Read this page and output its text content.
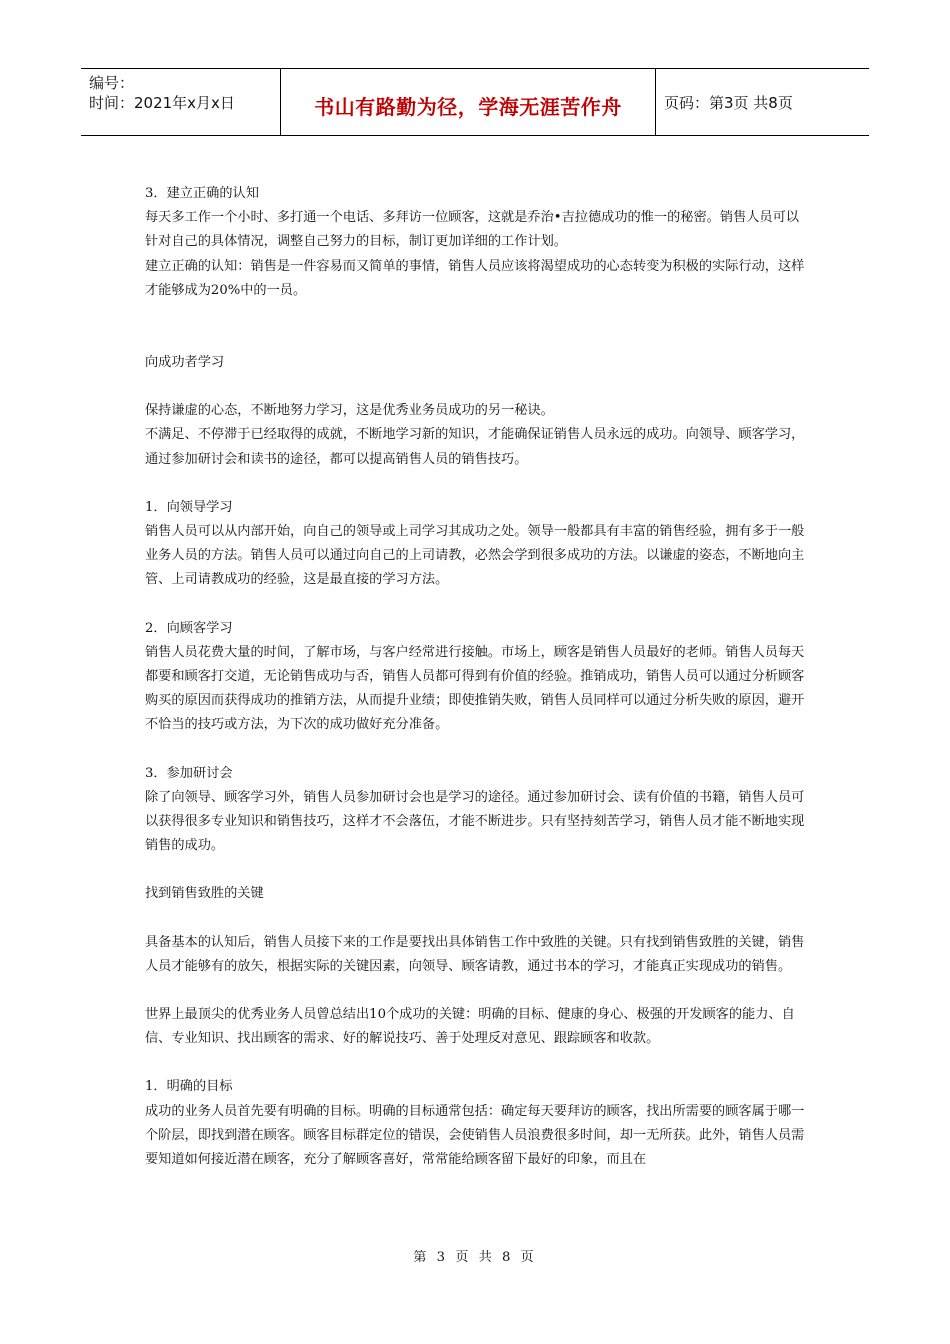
编号：
时间：2021年x月x日	书山有路勤为径，学海无涯苦作舟	页码：第3页 共8页

3．建立正确的认知

每天多工作一个小时、多打通一个电话、多拜访一位顾客，这就是乔治•吉拉德成功的惟一的秘密。销售人员可以针对自己的具体情况，调整自己努力的目标，制订更加详细的工作计划。

建立正确的认知：销售是一件容易而又简单的事情，销售人员应该将渴望成功的心态转变为积极的实际行动，这样才能够成为20%中的一员。

向成功者学习

保持谦虚的心态，不断地努力学习，这是优秀业务员成功的另一秘诀。

不满足、不停滞于已经取得的成就，不断地学习新的知识，才能确保证销售人员永远的成功。向领导、顾客学习，通过参加研讨会和读书的途径，都可以提高销售人员的销售技巧。

1．向领导学习

销售人员可以从内部开始，向自己的领导或上司学习其成功之处。领导一般都具有丰富的销售经验，拥有多于一般业务人员的方法。销售人员可以通过向自己的上司请教，必然会学到很多成功的方法。以谦虚的姿态，不断地向主管、上司请教成功的经验，这是最直接的学习方法。

2．向顾客学习

销售人员花费大量的时间，了解市场，与客户经常进行接触。市场上，顾客是销售人员最好的老师。销售人员每天都要和顾客打交道，无论销售成功与否，销售人员都可得到有价值的经验。推销成功，销售人员可以通过分析顾客购买的原因而获得成功的推销方法，从而提升业绩；即使推销失败，销售人员同样可以通过分析失败的原因，避开不恰当的技巧或方法，为下次的成功做好充分准备。

3．参加研讨会

除了向领导、顾客学习外，销售人员参加研讨会也是学习的途径。通过参加研讨会、读有价值的书籍，销售人员可以获得很多专业知识和销售技巧，这样才不会落伍，才能不断进步。只有坚持刻苦学习，销售人员才能不断地实现销售的成功。

找到销售致胜的关键

具备基本的认知后，销售人员接下来的工作是要找出具体销售工作中致胜的关键。只有找到销售致胜的关键，销售人员才能够有的放矢，根据实际的关键因素，向领导、顾客请教，通过书本的学习，才能真正实现成功的销售。

世界上最顶尖的优秀业务人员曾总结出10个成功的关键：明确的目标、健康的身心、极强的开发顾客的能力、自信、专业知识、找出顾客的需求、好的解说技巧、善于处理反对意见、跟踪顾客和收款。

1．明确的目标

成功的业务人员首先要有明确的目标。明确的目标通常包括：确定每天要拜访的顾客，找出所需要的顾客属于哪一个阶层，即找到潜在顾客。顾客目标群定位的错误，会使销售人员浪费很多时间，却一无所获。此外，销售人员需要知道如何接近潜在顾客，充分了解顾客喜好，常常能给顾客留下最好的印象，而且在

第 3 页 共 8 页
